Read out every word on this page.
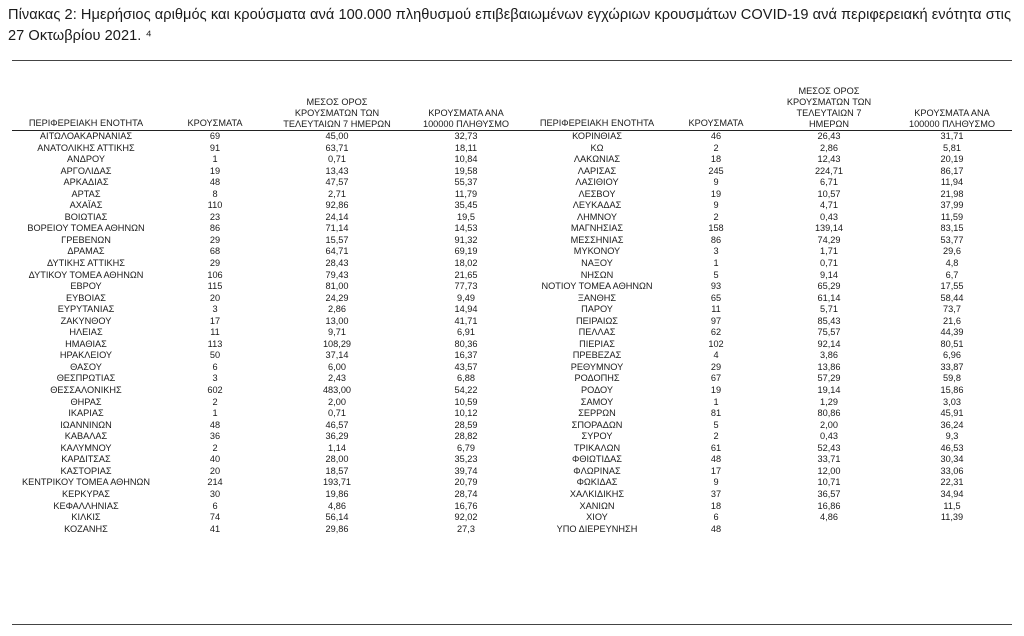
Πίνακας 2: Ημερήσιος αριθμός και κρούσματα ανά 100.000 πληθυσμού επιβεβαιωμένων εγχώριων κρουσμάτων COVID-19 ανά περιφερειακή ενότητα στις 27 Οκτωβρίου 2021. ⁴
ΠΕΡΙΦΕΡΕΙΑΚΗ ΕΝΟΤΗΤΑ	ΚΡΟΥΣΜΑΤΑ	ΜΕΣΟΣ ΟΡΟΣ ΚΡΟΥΣΜΑΤΩΝ ΤΩΝ ΤΕΛΕΥΤΑΙΩΝ 7 ΗΜΕΡΩΝ	ΚΡΟΥΣΜΑΤΑ ΑΝΑ 100000 ΠΛΗΘΥΣΜΟ	ΠΕΡΙΦΕΡΕΙΑΚΗ ΕΝΟΤΗΤΑ	ΚΡΟΥΣΜΑΤΑ	ΜΕΣΟΣ ΟΡΟΣ ΚΡΟΥΣΜΑΤΩΝ ΤΩΝ ΤΕΛΕΥΤΑΙΩΝ 7 ΗΜΕΡΩΝ	ΚΡΟΥΣΜΑΤΑ ΑΝΑ 100000 ΠΛΗΘΥΣΜΟ
ΑΙΤΩΛΟΑΚΑΡΝΑΝΙΑΣ	69	45,00	32,73	ΚΟΡΙΝΘΙΑΣ	46	26,43	31,71
ΑΝΑΤΟΛΙΚΗΣ ΑΤΤΙΚΗΣ	91	63,71	18,11	ΚΩ	2	2,86	5,81
ΑΝΔΡΟΥ	1	0,71	10,84	ΛΑΚΩΝΙΑΣ	18	12,43	20,19
ΑΡΓΟΛΙΔΑΣ	19	13,43	19,58	ΛΑΡΙΣΑΣ	245	224,71	86,17
ΑΡΚΑΔΙΑΣ	48	47,57	55,37	ΛΑΣΙΘΙΟΥ	9	6,71	11,94
ΑΡΤΑΣ	8	2,71	11,79	ΛΕΣΒΟΥ	19	10,57	21,98
ΑΧΑΪΑΣ	110	92,86	35,45	ΛΕΥΚΑΔΑΣ	9	4,71	37,99
ΒΟΙΩΤΙΑΣ	23	24,14	19,5	ΛΗΜΝΟΥ	2	0,43	11,59
ΒΟΡΕΙΟΥ ΤΟΜΕΑ ΑΘΗΝΩΝ	86	71,14	14,53	ΜΑΓΝΗΣΙΑΣ	158	139,14	83,15
ΓΡΕΒΕΝΩΝ	29	15,57	91,32	ΜΕΣΣΗΝΙΑΣ	86	74,29	53,77
ΔΡΑΜΑΣ	68	64,71	69,19	ΜΥΚΟΝΟΥ	3	1,71	29,6
ΔΥΤΙΚΗΣ ΑΤΤΙΚΗΣ	29	28,43	18,02	ΝΑΞΟΥ	1	0,71	4,8
ΔΥΤΙΚΟΥ ΤΟΜΕΑ ΑΘΗΝΩΝ	106	79,43	21,65	ΝΗΣΩΝ	5	9,14	6,7
ΕΒΡΟΥ	115	81,00	77,73	ΝΟΤΙΟΥ ΤΟΜΕΑ ΑΘΗΝΩΝ	93	65,29	17,55
ΕΥΒΟΙΑΣ	20	24,29	9,49	ΞΑΝΘΗΣ	65	61,14	58,44
ΕΥΡΥΤΑΝΙΑΣ	3	2,86	14,94	ΠΑΡΟΥ	11	5,71	73,7
ΖΑΚΥΝΘΟΥ	17	13,00	41,71	ΠΕΙΡΑΙΩΣ	97	85,43	21,6
ΗΛΕΙΑΣ	11	9,71	6,91	ΠΕΛΛΑΣ	62	75,57	44,39
ΗΜΑΘΙΑΣ	113	108,29	80,36	ΠΙΕΡΙΑΣ	102	92,14	80,51
ΗΡΑΚΛΕΙΟΥ	50	37,14	16,37	ΠΡΕΒΕΖΑΣ	4	3,86	6,96
ΘΑΣΟΥ	6	6,00	43,57	ΡΕΘΥΜΝΟΥ	29	13,86	33,87
ΘΕΣΠΡΩΤΙΑΣ	3	2,43	6,88	ΡΟΔΟΠΗΣ	67	57,29	59,8
ΘΕΣΣΑΛΟΝΙΚΗΣ	602	483,00	54,22	ΡΟΔΟΥ	19	19,14	15,86
ΘΗΡΑΣ	2	2,00	10,59	ΣΑΜΟΥ	1	1,29	3,03
ΙΚΑΡΙΑΣ	1	0,71	10,12	ΣΕΡΡΩΝ	81	80,86	45,91
ΙΩΑΝΝΙΝΩΝ	48	46,57	28,59	ΣΠΟΡΑΔΩΝ	5	2,00	36,24
ΚΑΒΑΛΑΣ	36	36,29	28,82	ΣΥΡΟΥ	2	0,43	9,3
ΚΑΛΥΜΝΟΥ	2	1,14	6,79	ΤΡΙΚΑΛΩΝ	61	52,43	46,53
ΚΑΡΔΙΤΣΑΣ	40	28,00	35,23	ΦΘΙΩΤΙΔΑΣ	48	33,71	30,34
ΚΑΣΤΟΡΙΑΣ	20	18,57	39,74	ΦΛΩΡΙΝΑΣ	17	12,00	33,06
ΚΕΝΤΡΙΚΟΥ ΤΟΜΕΑ ΑΘΗΝΩΝ	214	193,71	20,79	ΦΩΚΙΔΑΣ	9	10,71	22,31
ΚΕΡΚΥΡΑΣ	30	19,86	28,74	ΧΑΛΚΙΔΙΚΗΣ	37	36,57	34,94
ΚΕΦΑΛΛΗΝΙΑΣ	6	4,86	16,76	ΧΑΝΙΩΝ	18	16,86	11,5
ΚΙΛΚΙΣ	74	56,14	92,02	ΧΙΟΥ	6	4,86	11,39
ΚΟΖΑΝΗΣ	41	29,86	27,3	ΥΠΟ ΔΙΕΡΕΥΝΗΣΗ	48		
